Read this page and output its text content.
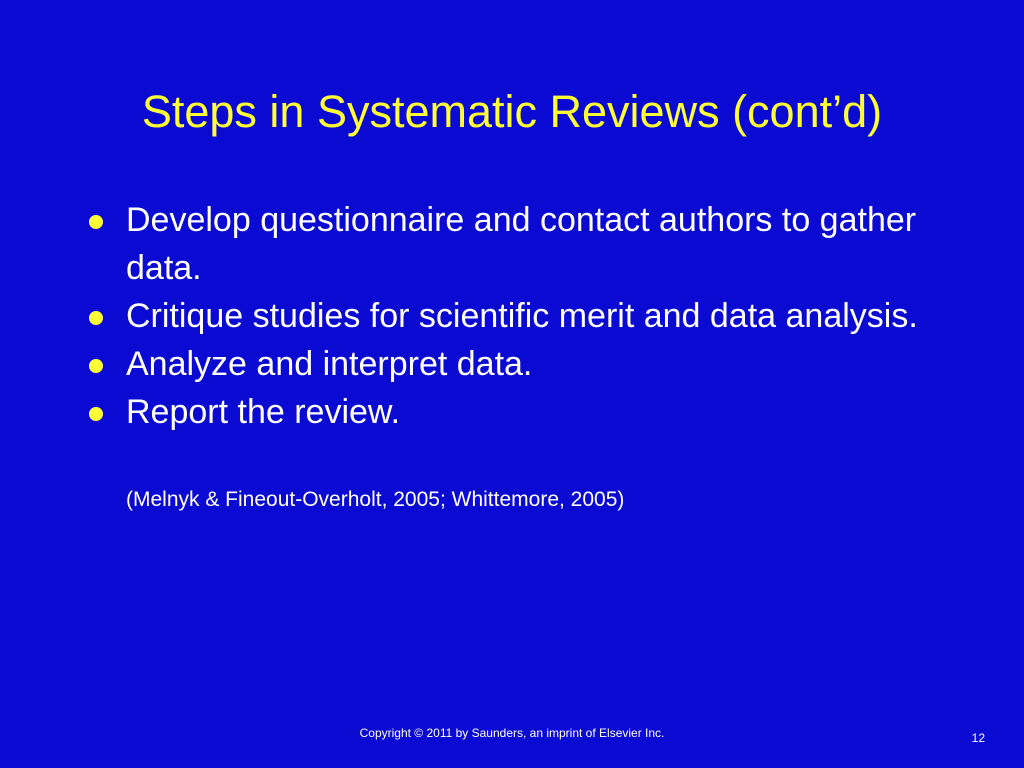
Steps in Systematic Reviews (cont’d)
Develop questionnaire and contact authors to gather data.
Critique studies for scientific merit and data analysis.
Analyze and interpret data.
Report the review.
(Melnyk & Fineout-Overholt, 2005; Whittemore, 2005)
Copyright © 2011 by Saunders, an imprint of Elsevier Inc.	12
